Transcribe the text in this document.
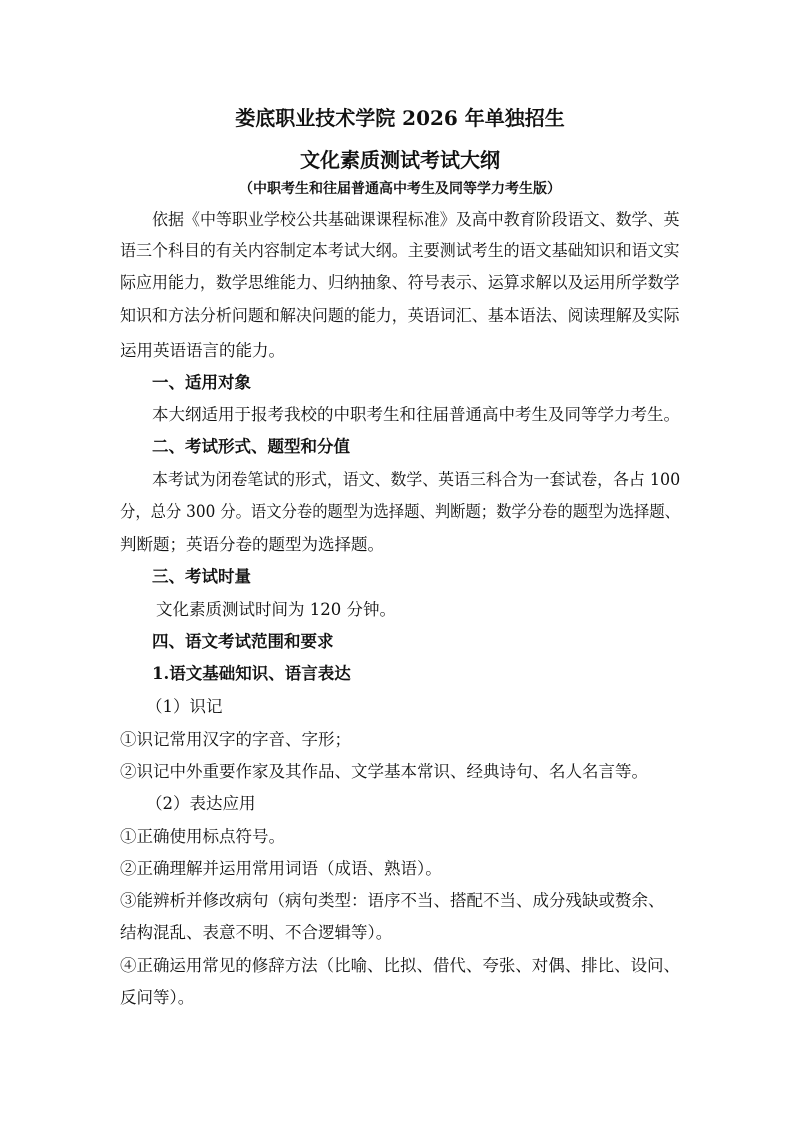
娄底职业技术学院 2026 年单独招生
文化素质测试考试大纲

（中职考生和往届普通高中考生及同等学力考生版）

依据《中等职业学校公共基础课课程标准》及高中教育阶段语文、数学、英

语三个科目的有关内容制定本考试大纲。主要测试考生的语文基础知识和语文实

际应用能力，数学思维能力、归纳抽象、符号表示、运算求解以及运用所学数学

知识和方法分析问题和解决问题的能力，英语词汇、基本语法、阅读理解及实际

运用英语语言的能力。

一、适用对象

本大纲适用于报考我校的中职考生和往届普通高中考生及同等学力考生。

二、考试形式、题型和分值

本考试为闭卷笔试的形式，语文、数学、英语三科合为一套试卷，各占 100

分，总分 300 分。语文分卷的题型为选择题、判断题；数学分卷的题型为选择题、

判断题；英语分卷的题型为选择题。

三、考试时量

文化素质测试时间为 120 分钟。

四、语文考试范围和要求

1.语文基础知识、语言表达

（1）识记

①识记常用汉字的字音、字形；

②识记中外重要作家及其作品、文学基本常识、经典诗句、名人名言等。

（2）表达应用

①正确使用标点符号。

②正确理解并运用常用词语（成语、熟语）。

③能辨析并修改病句（病句类型：语序不当、搭配不当、成分残缺或赘余、

结构混乱、表意不明、不合逻辑等）。

④正确运用常见的修辞方法（比喻、比拟、借代、夸张、对偶、排比、设问、

反问等）。
